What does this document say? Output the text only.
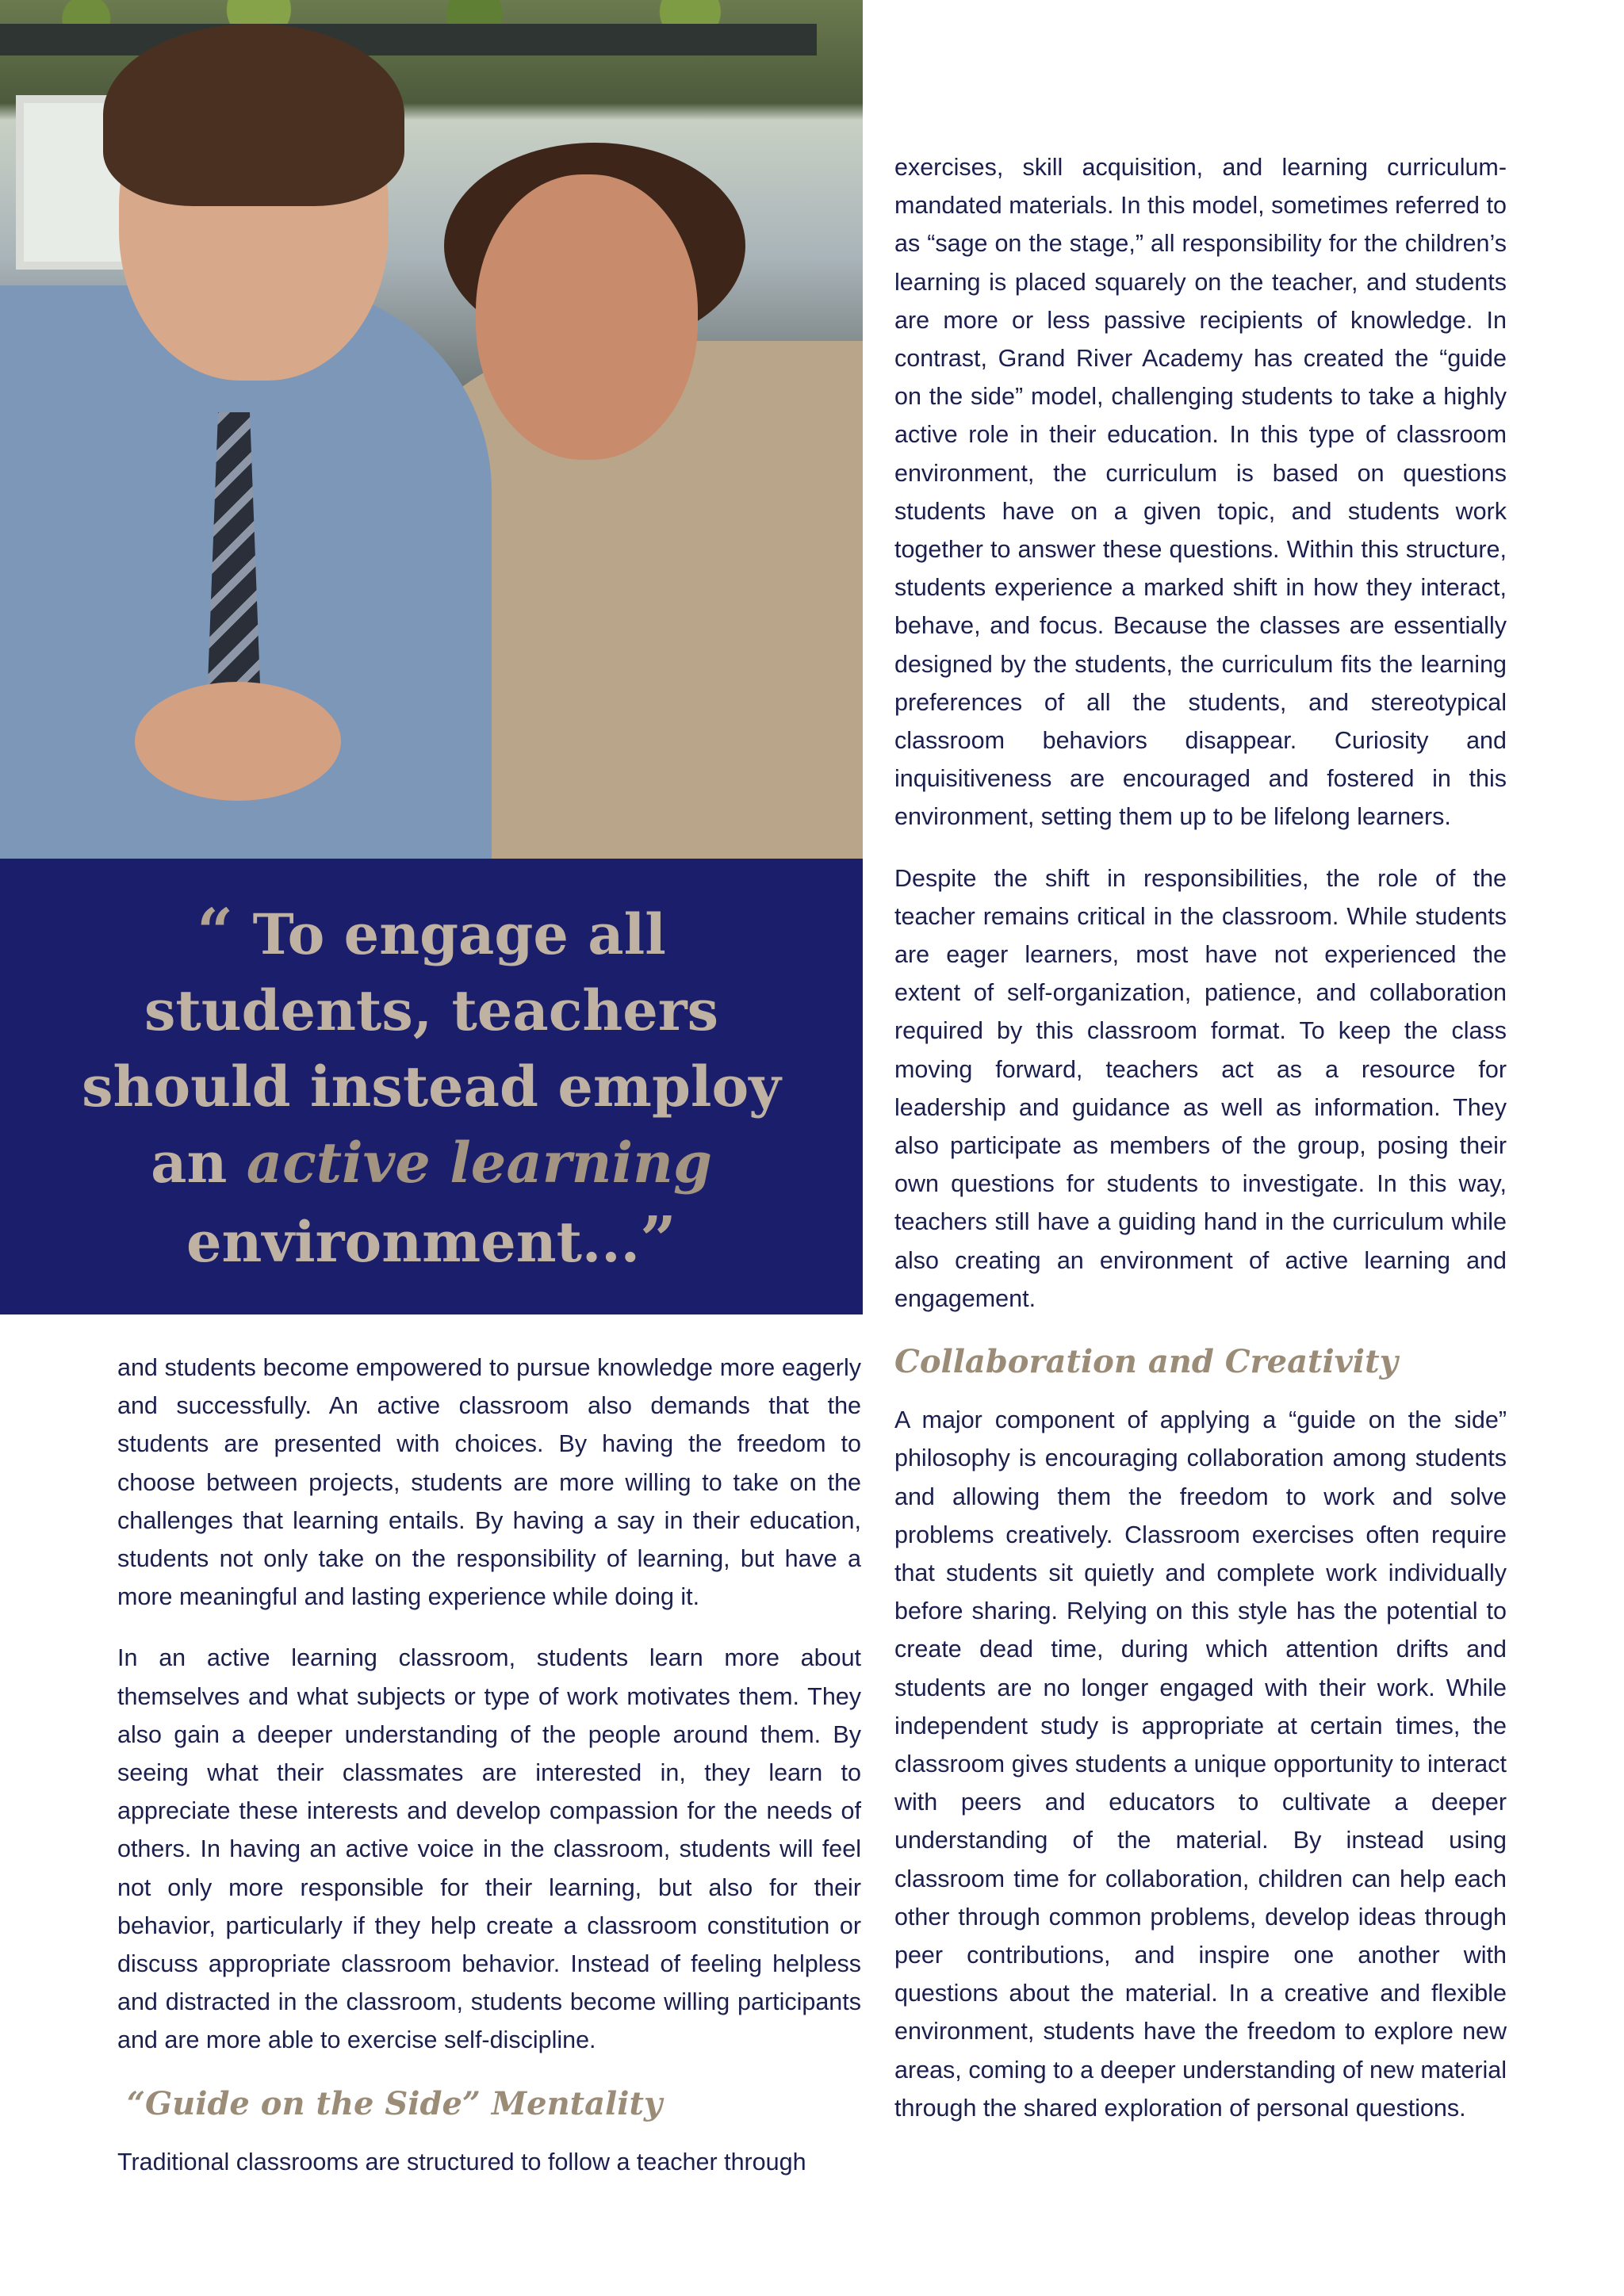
“ To engage all students, teachers should instead employ an active learning environment...”

and students become empowered to pursue knowledge more eagerly and successfully. An active classroom also demands that the students are presented with choices. By having the freedom to choose between projects, students are more willing to take on the challenges that learning entails. By having a say in their education, students not only take on the responsibility of learning, but have a more meaningful and lasting experience while doing it.

In an active learning classroom, students learn more about themselves and what subjects or type of work motivates them. They also gain a deeper understanding of the people around them. By seeing what their classmates are interested in, they learn to appreciate these interests and develop compassion for the needs of others. In having an active voice in the classroom, students will feel not only more responsible for their learning, but also for their behavior, particularly if they help create a classroom constitution or discuss appropriate classroom behavior. Instead of feeling helpless and distracted in the classroom, students become willing participants and are more able to exercise self-discipline.

“Guide on the Side” Mentality

Traditional classrooms are structured to follow a teacher through

exercises, skill acquisition, and learning curriculum-mandated materials. In this model, sometimes referred to as “sage on the stage,” all responsibility for the children’s learning is placed squarely on the teacher, and students are more or less passive recipients of knowledge. In contrast, Grand River Academy has created the “guide on the side” model, challenging students to take a highly active role in their education. In this type of classroom environment, the curriculum is based on questions students have on a given topic, and students work together to answer these questions. Within this structure, students experience a marked shift in how they interact, behave, and focus. Because the classes are essentially designed by the students, the curriculum fits the learning preferences of all the students, and stereotypical classroom behaviors disappear. Curiosity and inquisitiveness are encouraged and fostered in this environment, setting them up to be lifelong learners.

Despite the shift in responsibilities, the role of the teacher remains critical in the classroom. While students are eager learners, most have not experienced the extent of self-organization, patience, and collaboration required by this classroom format. To keep the class moving forward, teachers act as a resource for leadership and guidance as well as information. They also participate as members of the group, posing their own questions for students to investigate. In this way, teachers still have a guiding hand in the curriculum while also creating an environment of active learning and engagement.

Collaboration and Creativity

A major component of applying a “guide on the side” philosophy is encouraging collaboration among students and allowing them the freedom to work and solve problems creatively. Classroom exercises often require that students sit quietly and complete work individually before sharing. Relying on this style has the potential to create dead time, during which attention drifts and students are no longer engaged with their work. While independent study is appropriate at certain times, the classroom gives students a unique opportunity to interact with peers and educators to cultivate a deeper understanding of the material. By instead using classroom time for collaboration, children can help each other through common problems, develop ideas through peer contributions, and inspire one another with questions about the material. In a creative and flexible environment, students have the freedom to explore new areas, coming to a deeper understanding of new material through the shared exploration of personal questions.
